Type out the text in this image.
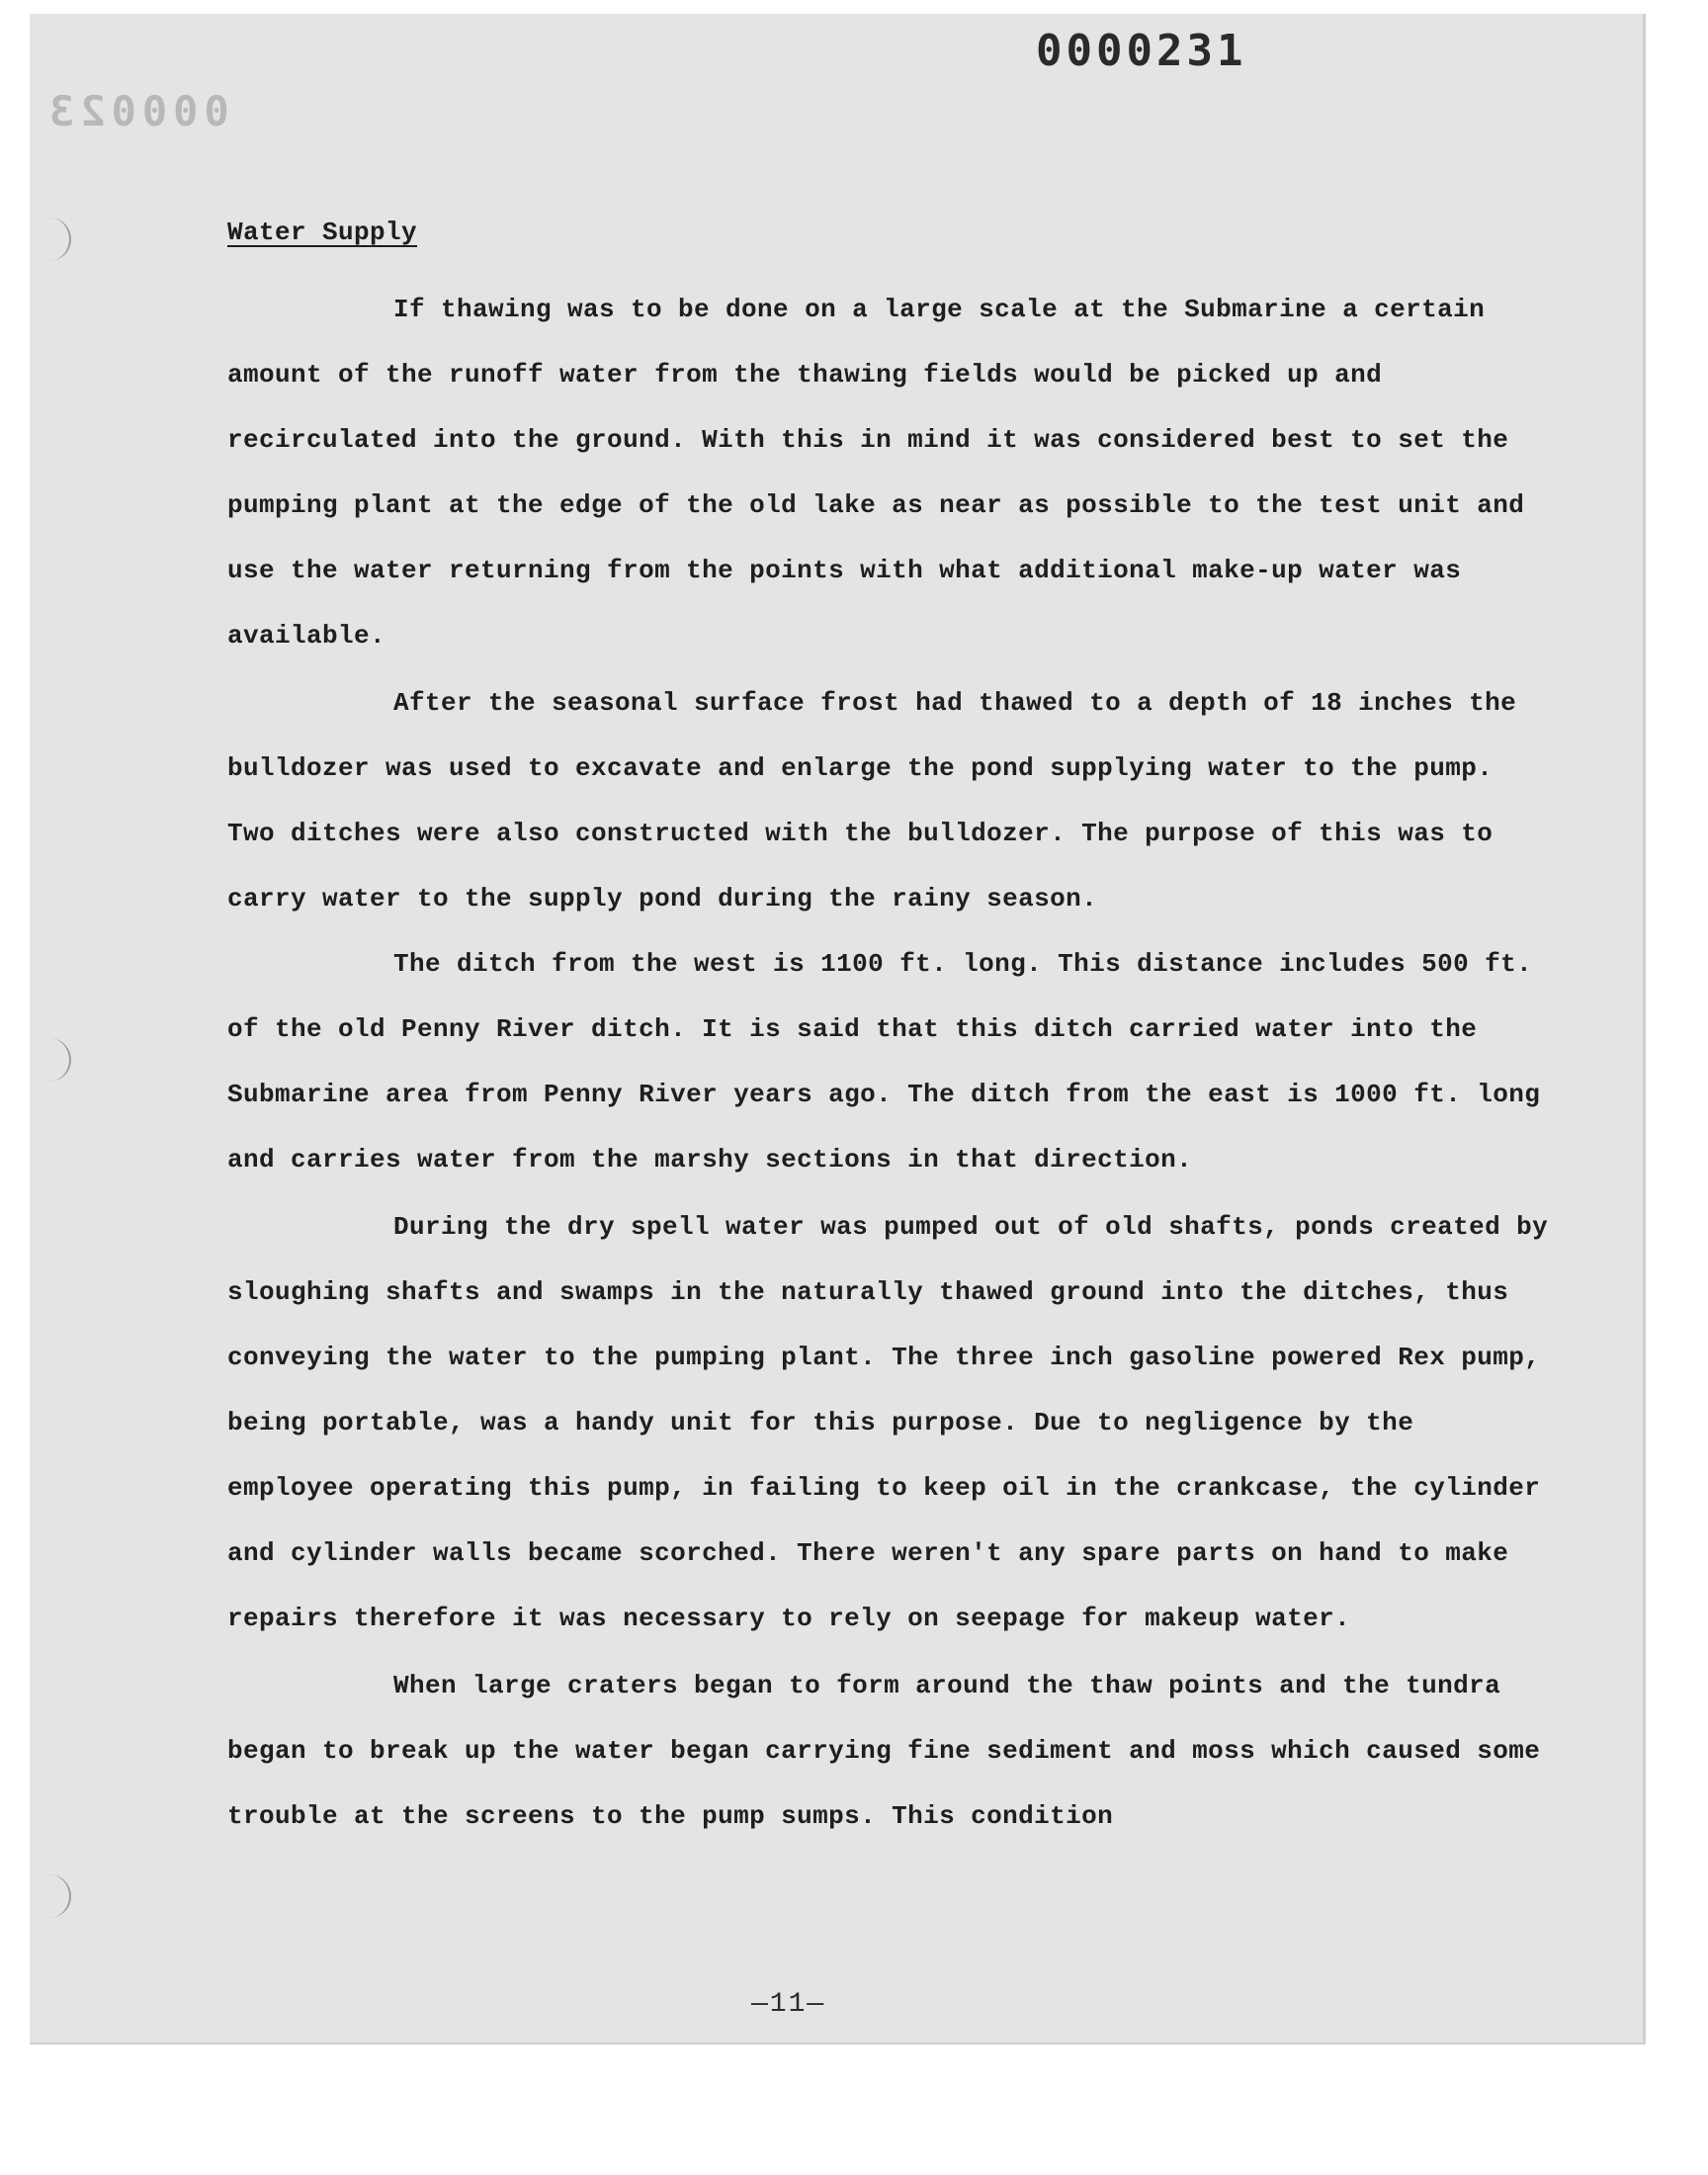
0000231
000023
Water Supply

If thawing was to be done on a large scale at the Submarine a certain amount of the runoff water from the thawing fields would be picked up and recirculated into the ground. With this in mind it was considered best to set the pumping plant at the edge of the old lake as near as possible to the test unit and use the water returning from the points with what additional make-up water was available.

After the seasonal surface frost had thawed to a depth of 18 inches the bulldozer was used to excavate and enlarge the pond supplying water to the pump. Two ditches were also constructed with the bulldozer. The purpose of this was to carry water to the supply pond during the rainy season.

The ditch from the west is 1100 ft. long. This distance includes 500 ft. of the old Penny River ditch. It is said that this ditch carried water into the Submarine area from Penny River years ago. The ditch from the east is 1000 ft. long and carries water from the marshy sections in that direction.

During the dry spell water was pumped out of old shafts, ponds created by sloughing shafts and swamps in the naturally thawed ground into the ditches, thus conveying the water to the pumping plant. The three inch gasoline powered Rex pump, being portable, was a handy unit for this purpose. Due to negligence by the employee operating this pump, in failing to keep oil in the crankcase, the cylinder and cylinder walls became scorched. There weren't any spare parts on hand to make repairs therefore it was necessary to rely on seepage for makeup water.

When large craters began to form around the thaw points and the tundra began to break up the water began carrying fine sediment and moss which caused some trouble at the screens to the pump sumps. This condition

—11—
